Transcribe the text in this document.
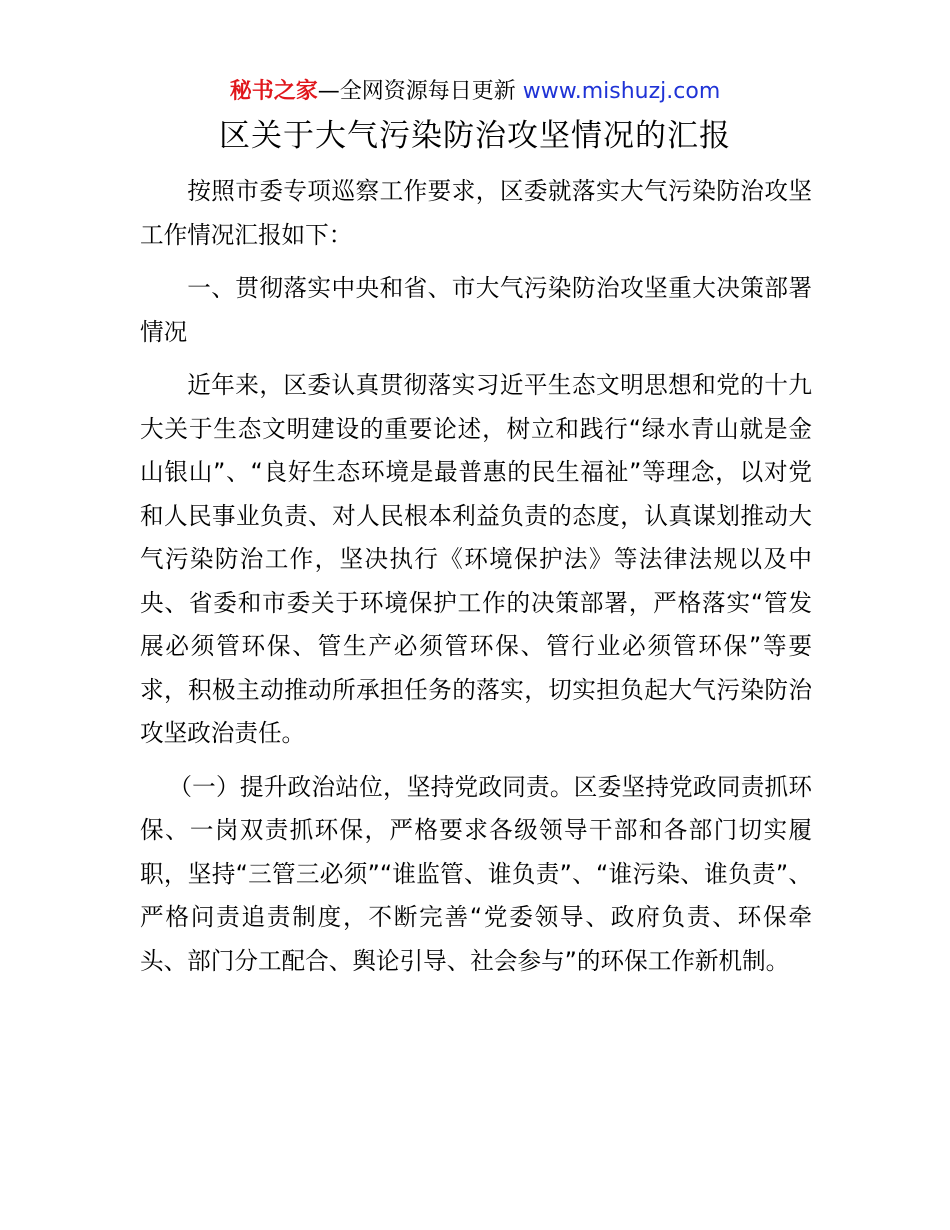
秘书之家—全网资源每日更新 www.mishuzj.com
区关于大气污染防治攻坚情况的汇报

按照市委专项巡察工作要求，区委就落实大气污染防治攻坚工作情况汇报如下：

一、贯彻落实中央和省、市大气污染防治攻坚重大决策部署情况

近年来，区委认真贯彻落实习近平生态文明思想和党的十九大关于生态文明建设的重要论述，树立和践行“绿水青山就是金山银山”、“良好生态环境是最普惠的民生福祉”等理念，以对党和人民事业负责、对人民根本利益负责的态度，认真谋划推动大气污染防治工作，坚决执行《环境保护法》等法律法规以及中央、省委和市委关于环境保护工作的决策部署，严格落实“管发展必须管环保、管生产必须管环保、管行业必须管环保”等要求，积极主动推动所承担任务的落实，切实担负起大气污染防治攻坚政治责任。

（一）提升政治站位，坚持党政同责。区委坚持党政同责抓环保、一岗双责抓环保，严格要求各级领导干部和各部门切实履职，坚持“三管三必须”“谁监管、谁负责”、“谁污染、谁负责”、严格问责追责制度，不断完善“党委领导、政府负责、环保牵头、部门分工配合、舆论引导、社会参与”的环保工作新机制。
